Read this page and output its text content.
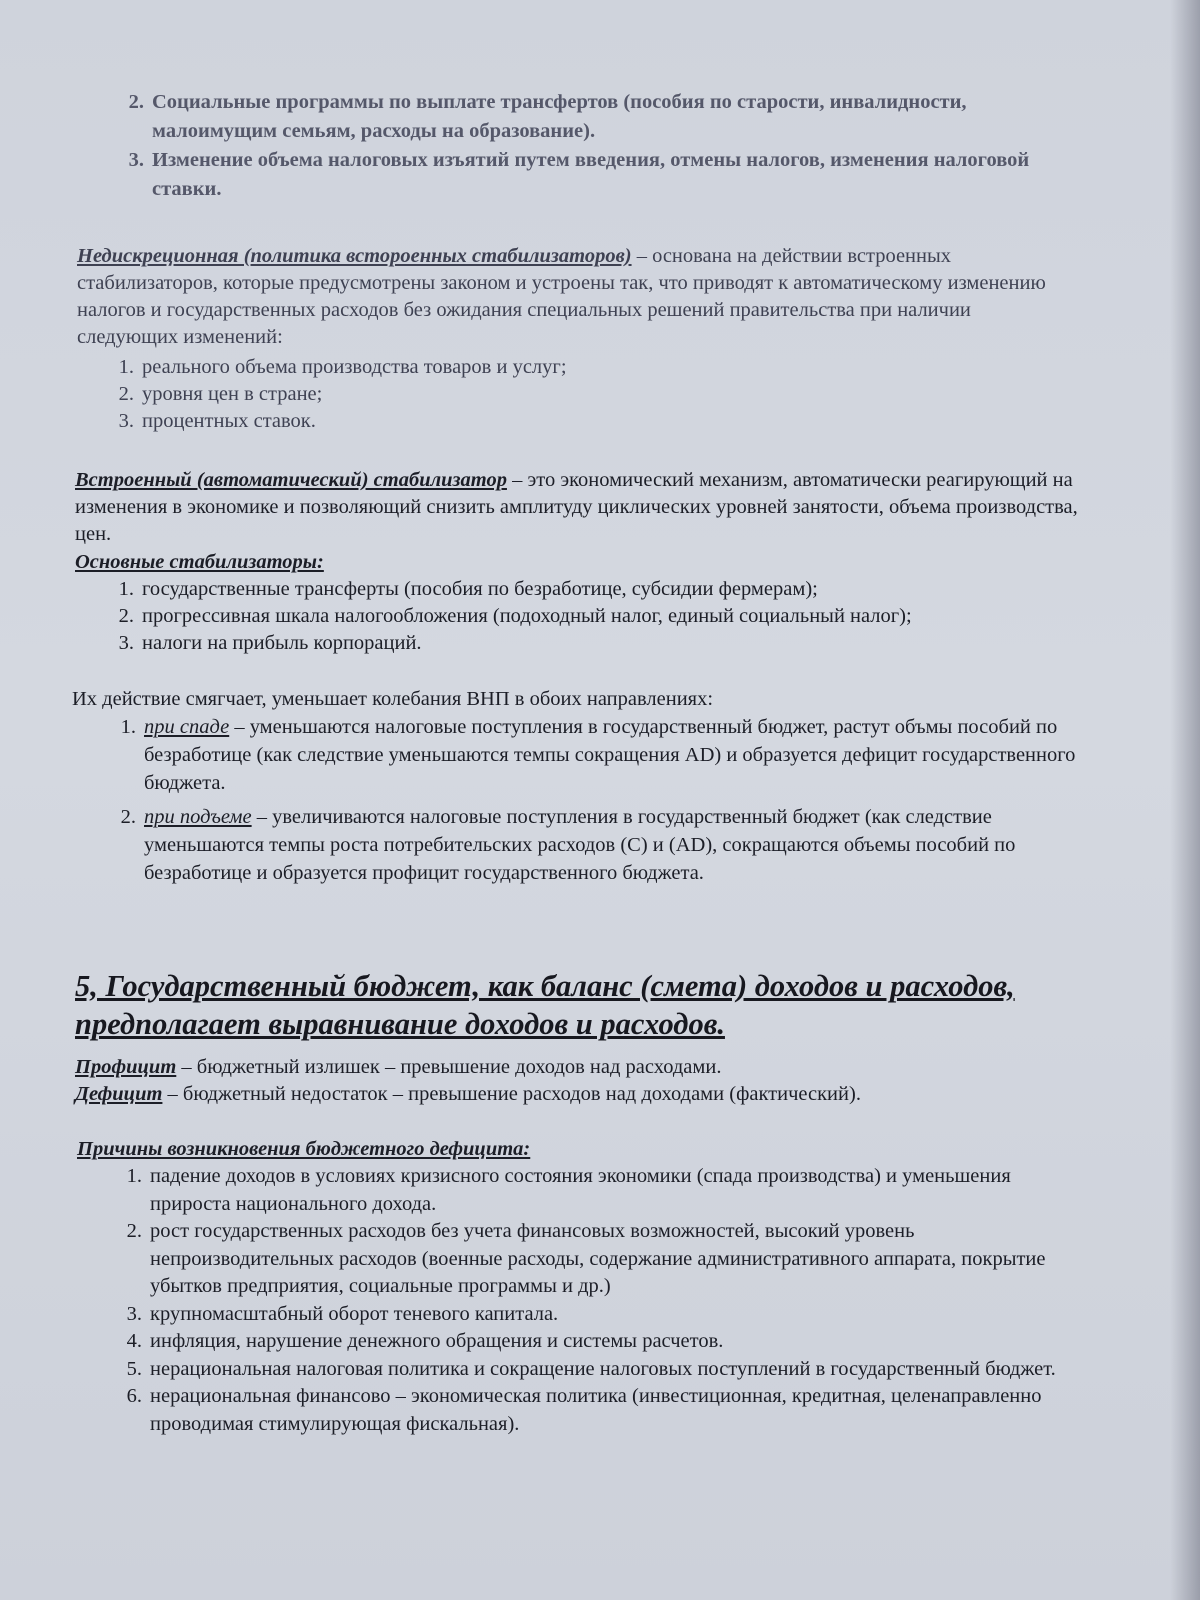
2. Социальные программы по выплате трансфертов (пособия по старости, инвалидности, малоимущим семьям, расходы на образование).
3. Изменение объема налоговых изъятий путем введения, отмены налогов, изменения налоговой ставки.

Недискреционная (политика встороенных стабилизаторов) – основана на действии встроенных стабилизаторов, которые предусмотрены законом и устроены так, что приводят к автоматическому изменению налогов и государственных расходов без ожидания специальных решений правительства при наличии следующих изменений:

1. реального объема производства товаров и услуг;
2. уровня цен в стране;
3. процентных ставок.

Встроенный (автоматический) стабилизатор – это экономический механизм, автоматически реагирующий на изменения в экономике и позволяющий снизить амплитуду циклических уровней занятости, объема производства, цен.

Основные стабилизаторы:
1. государственные трансферты (пособия по безработице, субсидии фермерам);
2. прогрессивная шкала налогообложения (подоходный налог, единый социальный налог);
3. налоги на прибыль корпораций.

Их действие смягчает, уменьшает колебания ВНП в обоих направлениях:

1. при спаде – уменьшаются налоговые поступления в государственный бюджет, растут объмы пособий по безработице (как следствие уменьшаются темпы сокращения AD) и образуется дефицит государственного бюджета.
2. при подъеме – увеличиваются налоговые поступления в государственный бюджет (как следствие уменьшаются темпы роста потребительских расходов (С) и (AD), сокращаются объемы пособий по безработице и образуется профицит государственного бюджета.
5, Государственный бюджет, как баланс (смета) доходов и расходов, предполагает выравнивание доходов и расходов.
Профицит – бюджетный излишек – превышение доходов над расходами.
Дефицит – бюджетный недостаток – превышение расходов над доходами (фактический).
Причины возникновения бюджетного дефицита:
1. падение доходов в условиях кризисного состояния экономики (спада производства) и уменьшения прироста национального дохода.
2. рост государственных расходов без учета финансовых возможностей, высокий уровень непроизводительных расходов (военные расходы, содержание административного аппарата, покрытие убытков предприятия, социальные программы и др.)
3. крупномасштабный оборот теневого капитала.
4. инфляция, нарушение денежного обращения и системы расчетов.
5. нерациональная налоговая политика и сокращение налоговых поступлений в государственный бюджет.
6. нерациональная финансово – экономическая политика (инвестиционная, кредитная, целенаправленно проводимая стимулирующая фискальная).
